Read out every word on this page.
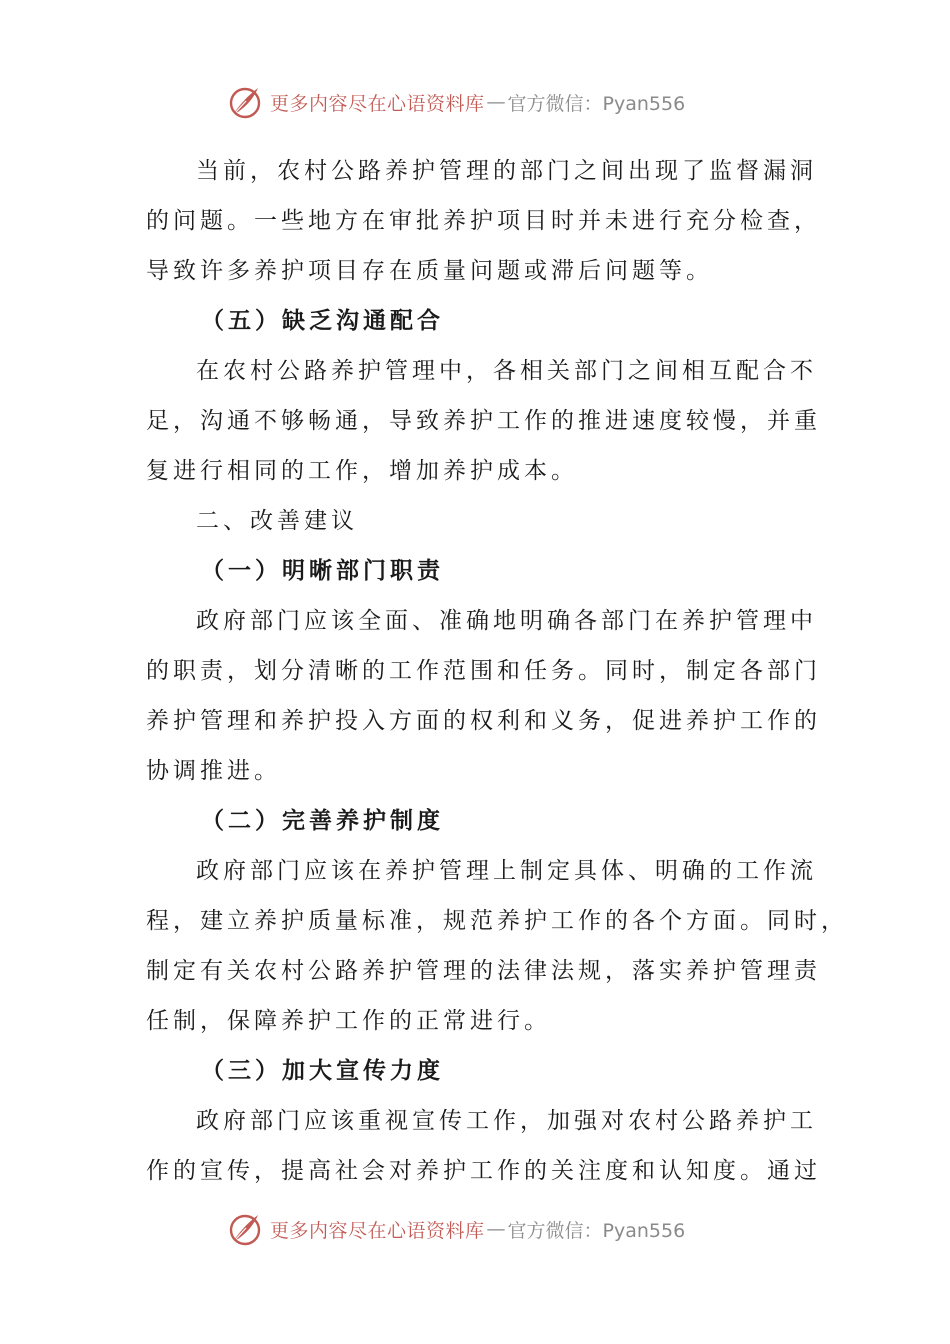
更多内容尽在心语资料库 — 官方微信：Pyan556
当前，农村公路养护管理的部门之间出现了监督漏洞
的问题。一些地方在审批养护项目时并未进行充分检查，
导致许多养护项目存在质量问题或滞后问题等。
（五）缺乏沟通配合
在农村公路养护管理中，各相关部门之间相互配合不
足，沟通不够畅通，导致养护工作的推进速度较慢，并重
复进行相同的工作，增加养护成本。
二、改善建议
（一）明晰部门职责
政府部门应该全面、准确地明确各部门在养护管理中
的职责，划分清晰的工作范围和任务。同时，制定各部门
养护管理和养护投入方面的权利和义务，促进养护工作的
协调推进。
（二）完善养护制度
政府部门应该在养护管理上制定具体、明确的工作流
程，建立养护质量标准，规范养护工作的各个方面。同时，
制定有关农村公路养护管理的法律法规，落实养护管理责
任制，保障养护工作的正常进行。
（三）加大宣传力度
政府部门应该重视宣传工作，加强对农村公路养护工
作的宣传，提高社会对养护工作的关注度和认知度。通过
更多内容尽在心语资料库 — 官方微信：Pyan556
